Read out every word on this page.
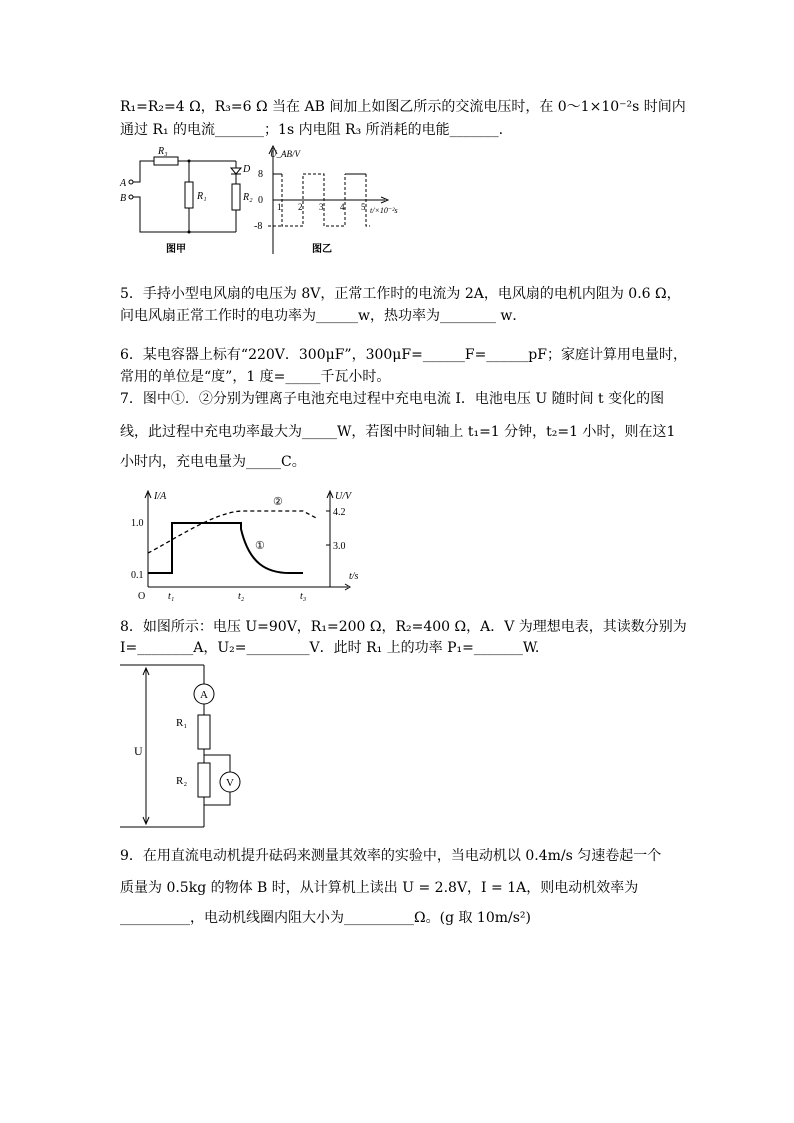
R₁=R₂=4 Ω，R₃=6 Ω 当在 AB 间加上如图乙所示的交流电压时，在 0～1×10⁻²s 时间内
通过 R₁ 的电流_______；1s 内电阻 R₃ 所消耗的电能_______.
R₃
R₁	R₂
D
A
B
图甲
U_AB/V
8
0
-8
1 2 3 4 5 t/×10⁻²s
图乙
5．手持小型电风扇的电压为 8V，正常工作时的电流为 2A，电风扇的电机内阻为 0.6 Ω，
问电风扇正常工作时的电功率为______w，热功率为________ w．
6．某电容器上标有“220V．300μF”，300μF=______F=______pF；家庭计算用电量时，
常用的单位是“度”，1 度=_____千瓦小时。
7．图中①．②分别为锂离子电池充电过程中充电电流 I．电池电压 U 随时间 t 变化的图
线，此过程中充电功率最大为_____W，若图中时间轴上 t₁=1 分钟，t₂=1 小时，则在这1
小时内，充电电量为_____C。
I/A	U/V
1.0
0.1
4.2
3.0
O t₁	t₂	t₃
t/s
①
②
8．如图所示：电压 U=90V，R₁=200 Ω，R₂=400 Ω，A．V 为理想电表，其读数分别为
I=________A，U₂=_________V．此时 R₁ 上的功率 P₁=_______W.
A
V
R₁
R₂
U
9．在用直流电动机提升砝码来测量其效率的实验中，当电动机以 0.4m/s 匀速卷起一个
质量为 0.5kg 的物体 B 时，从计算机上读出 U = 2.8V，I = 1A，则电动机效率为
__________，电动机线圈内阻大小为__________Ω。(g 取 10m/s²)
